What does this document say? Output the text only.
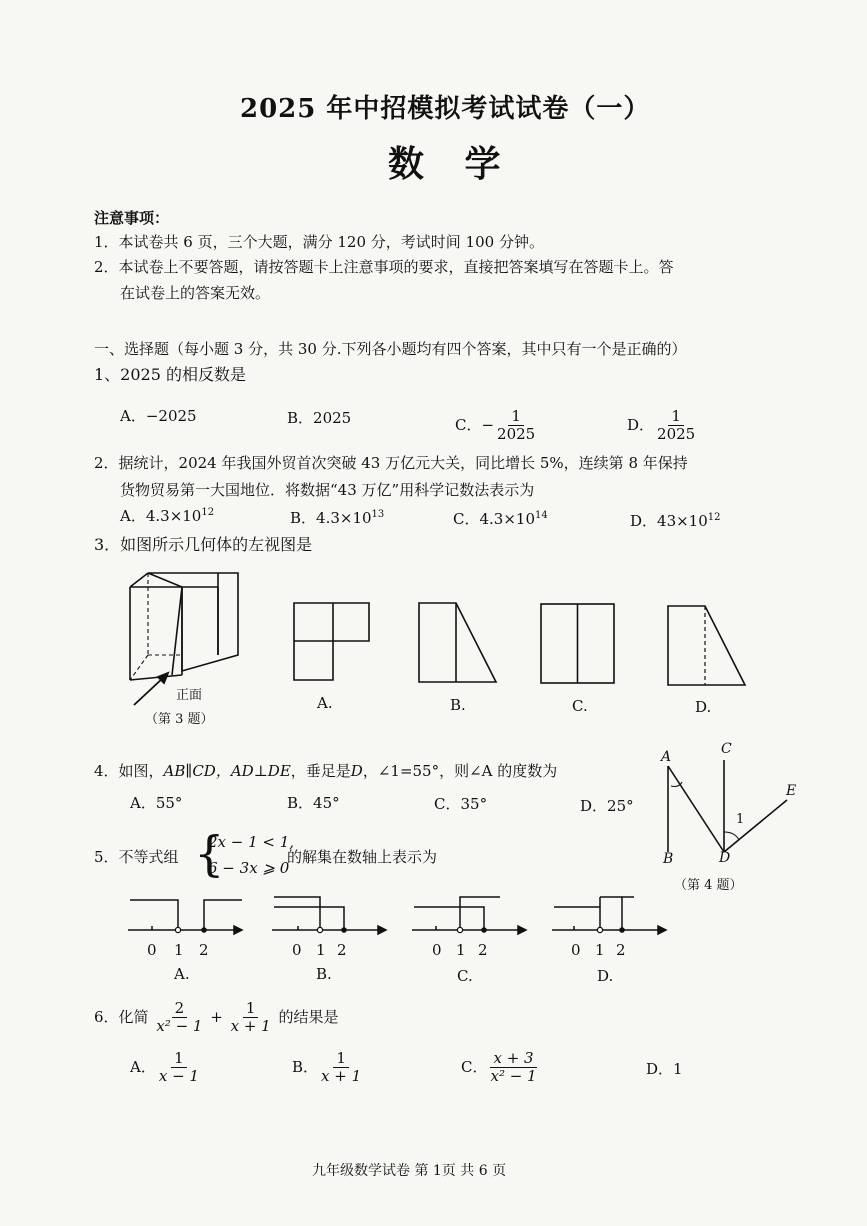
2025 年中招模拟考试试卷（一）
数 学
注意事项：
1．本试卷共 6 页，三个大题，满分 120 分，考试时间 100 分钟。
2．本试卷上不要答题，请按答题卡上注意事项的要求，直接把答案填写在答题卡上。答
在试卷上的答案无效。
一、选择题（每小题 3 分，共 30 分.下列各小题均有四个答案，其中只有一个是正确的）
1、2025 的相反数是
A．−2025	B．2025	C．− $\frac{1}{2025}$	D． $\frac{1}{2025}$
2．据统计，2024 年我国外贸首次突破 43 万亿元大关，同比增长 5%，连续第 8 年保持
货物贸易第一大国地位．将数据“43 万亿”用科学记数法表示为
A．$4.3\times 10^{12}$	B．$4.3\times 10^{13}$	C．$4.3\times 10^{14}$	D．$43\times 10^{12}$
3．如图所示几何体的左视图是
正面
（第 3 题）
A.	B.	C.	D.
4．如图，AB∥CD，AD⊥DE，垂足是D，∠1=55°，则∠A 的度数为
A．55°	B．45°	C．35°	D．25°
A
B
C
D
E
1
（第 4 题）
5．不等式组 {
2x − 1 < 1,
6 − 3x ⩾ 0
的解集在数轴上表示为
0 1 2
A.
0 1 2
B.
0 1 2
C.
0 1 2
D.
6．化简 $\frac{2}{\text{x² − 1}} + \frac{1}{x + 1}$ 的结果是
A． $\frac{1}{x - 1}$	B． $\frac{1}{x + 1}$	C． $\frac{x + 3}{\text{x² − 1}}$	D．1
九年级数学试卷 第 1页 共 6 页
